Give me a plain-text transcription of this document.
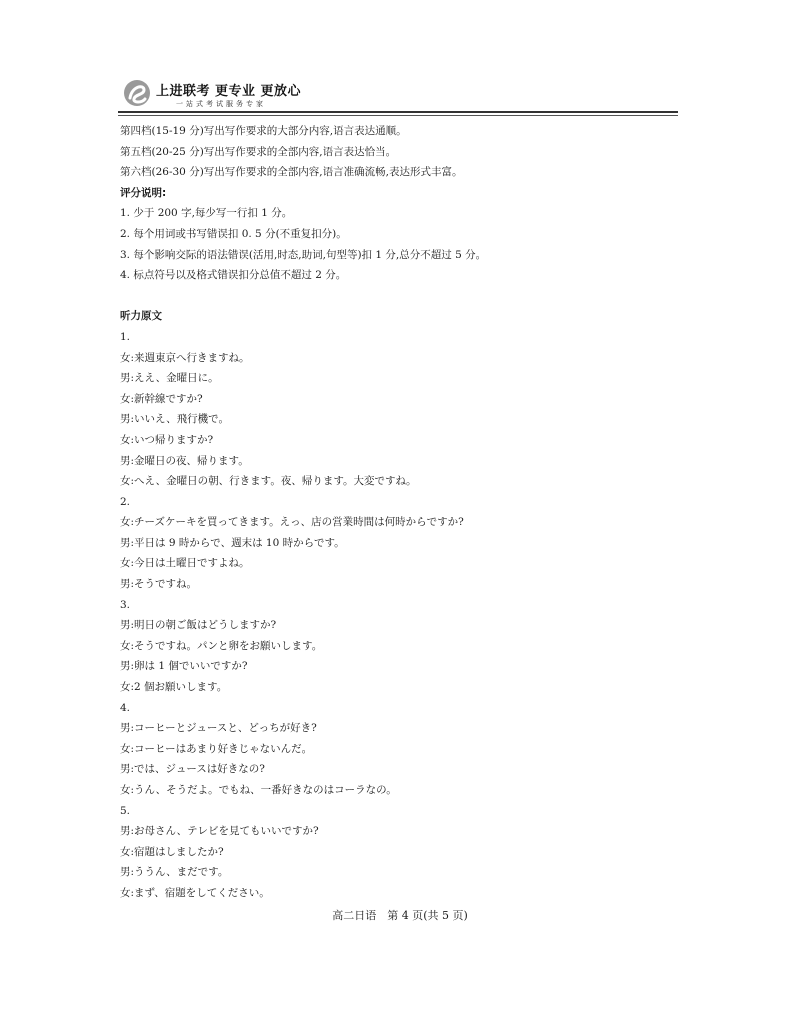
上进联考 更专业 更放心
一站式考试服务专家
第四档(15-19 分)写出写作要求的大部分内容,语言表达通顺。
第五档(20-25 分)写出写作要求的全部内容,语言表达恰当。
第六档(26-30 分)写出写作要求的全部内容,语言准确流畅,表达形式丰富。
评分说明:
1. 少于 200 字,每少写一行扣 1 分。
2. 每个用词或书写错误扣 0. 5 分(不重复扣分)。
3. 每个影响交际的语法错误(活用,时态,助词,句型等)扣 1 分,总分不超过 5 分。
4. 标点符号以及格式错误扣分总值不超过 2 分。
听力原文
1.
女:来週東京へ行きますね。
男:ええ、金曜日に。
女:新幹線ですか?
男:いいえ、飛行機で。
女:いつ帰りますか?
男:金曜日の夜、帰ります。
女:へえ、金曜日の朝、行きます。夜、帰ります。大変ですね。
2.
女:チーズケーキを買ってきます。えっ、店の営業時間は何時からですか?
男:平日は 9 時からで、週末は 10 時からです。
女:今日は土曜日ですよね。
男:そうですね。
3.
男:明日の朝ご飯はどうしますか?
女:そうですね。パンと卵をお願いします。
男:卵は 1 個でいいですか?
女:2 個お願いします。
4.
男:コーヒーとジュースと、どっちが好き?
女:コーヒーはあまり好きじゃないんだ。
男:では、ジュースは好きなの?
女:うん、そうだよ。でもね、一番好きなのはコーラなの。
5.
男:お母さん、テレビを見てもいいですか?
女:宿題はしましたか?
男:ううん、まだです。
女:まず、宿題をしてください。
高二日语　第 4 页(共 5 页)
